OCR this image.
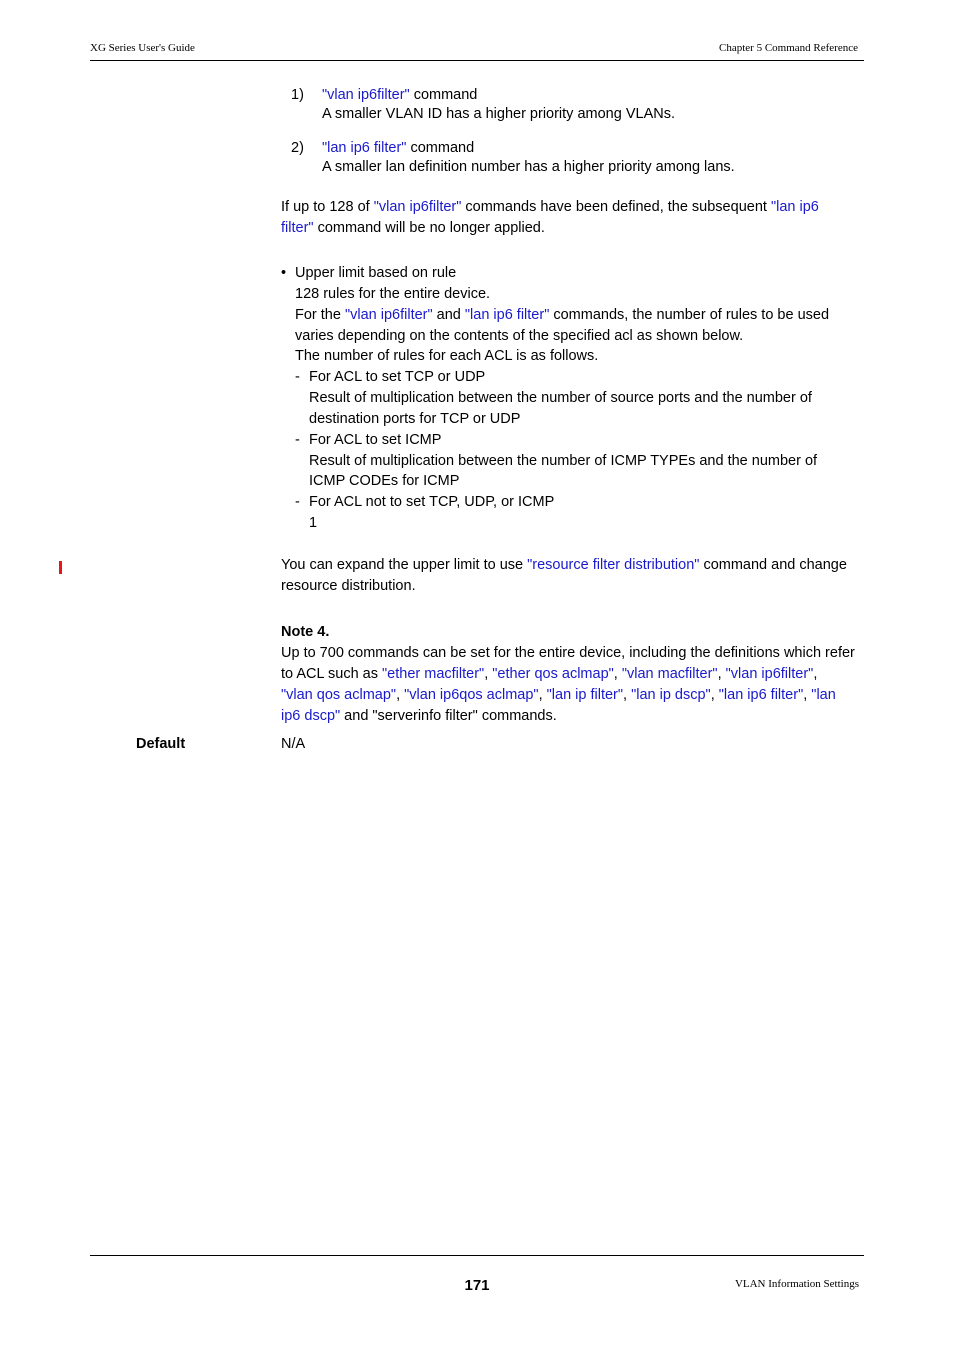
XG Series User's Guide	Chapter 5 Command Reference
1) "vlan ip6filter" command
A smaller VLAN ID has a higher priority among VLANs.
2) "lan ip6 filter" command
A smaller lan definition number has a higher priority among lans.
If up to 128 of "vlan ip6filter" commands have been defined, the subsequent "lan ip6
filter" command will be no longer applied.
• Upper limit based on rule
128 rules for the entire device.
For the "vlan ip6filter" and "lan ip6 filter" commands, the number of rules to be used
varies depending on the contents of the specified acl as shown below.
The number of rules for each ACL is as follows.
- For ACL to set TCP or UDP
Result of multiplication between the number of source ports and the number of
destination ports for TCP or UDP
- For ACL to set ICMP
Result of multiplication between the number of ICMP TYPEs and the number of
ICMP CODEs for ICMP
- For ACL not to set TCP, UDP, or ICMP
1
You can expand the upper limit to use "resource filter distribution" command and change
resource distribution.
Note 4.
Up to 700 commands can be set for the entire device, including the definitions which refer
to ACL such as "ether macfilter", "ether qos aclmap", "vlan macfilter", "vlan ip6filter",
"vlan qos aclmap", "vlan ip6qos aclmap", "lan ip filter", "lan ip dscp", "lan ip6 filter", "lan
ip6 dscp" and "serverinfo filter" commands.
Default	N/A
171	VLAN Information Settings
